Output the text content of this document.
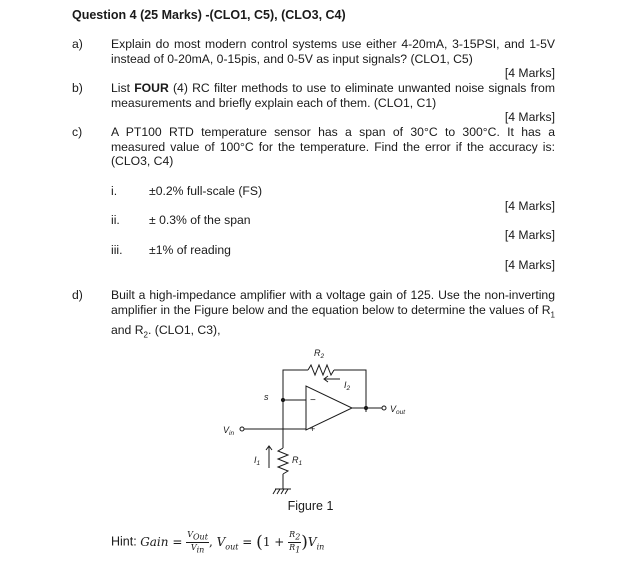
Question 4 (25 Marks) -(CLO1, C5), (CLO3, C4)
a) Explain do most modern control systems use either 4-20mA, 3-15PSI, and 1-5V instead of 0-20mA, 0-15pis, and 0-5V as input signals? (CLO1, C5)
[4 Marks]
b) List FOUR (4) RC filter methods to use to eliminate unwanted noise signals from measurements and briefly explain each of them. (CLO1, C1)
[4 Marks]
c) A PT100 RTD temperature sensor has a span of 30°C to 300°C. It has a measured value of 100°C for the temperature. Find the error if the accuracy is: (CLO3, C4)
i.	±0.2% full-scale (FS)
[4 Marks]
ii. ± 0.3% of the span
[4 Marks]
iii. ±1% of reading
[4 Marks]
d) Built a high-impedance amplifier with a voltage gain of 125. Use the non-inverting amplifier in the Figure below and the equation below to determine the values of $R_1$ and $R_2$. (CLO1, C3),
$R_2$
$I_2$
s
$V_{out}$
$V_{in}$
−
+
$I_1$	$R_1$
Figure 1
Hint: Gain = $\frac{V_{Out}}{V_{in}}$ , $V_{out} = (1 + \frac{R_2}{R_1} )V_{in}$
